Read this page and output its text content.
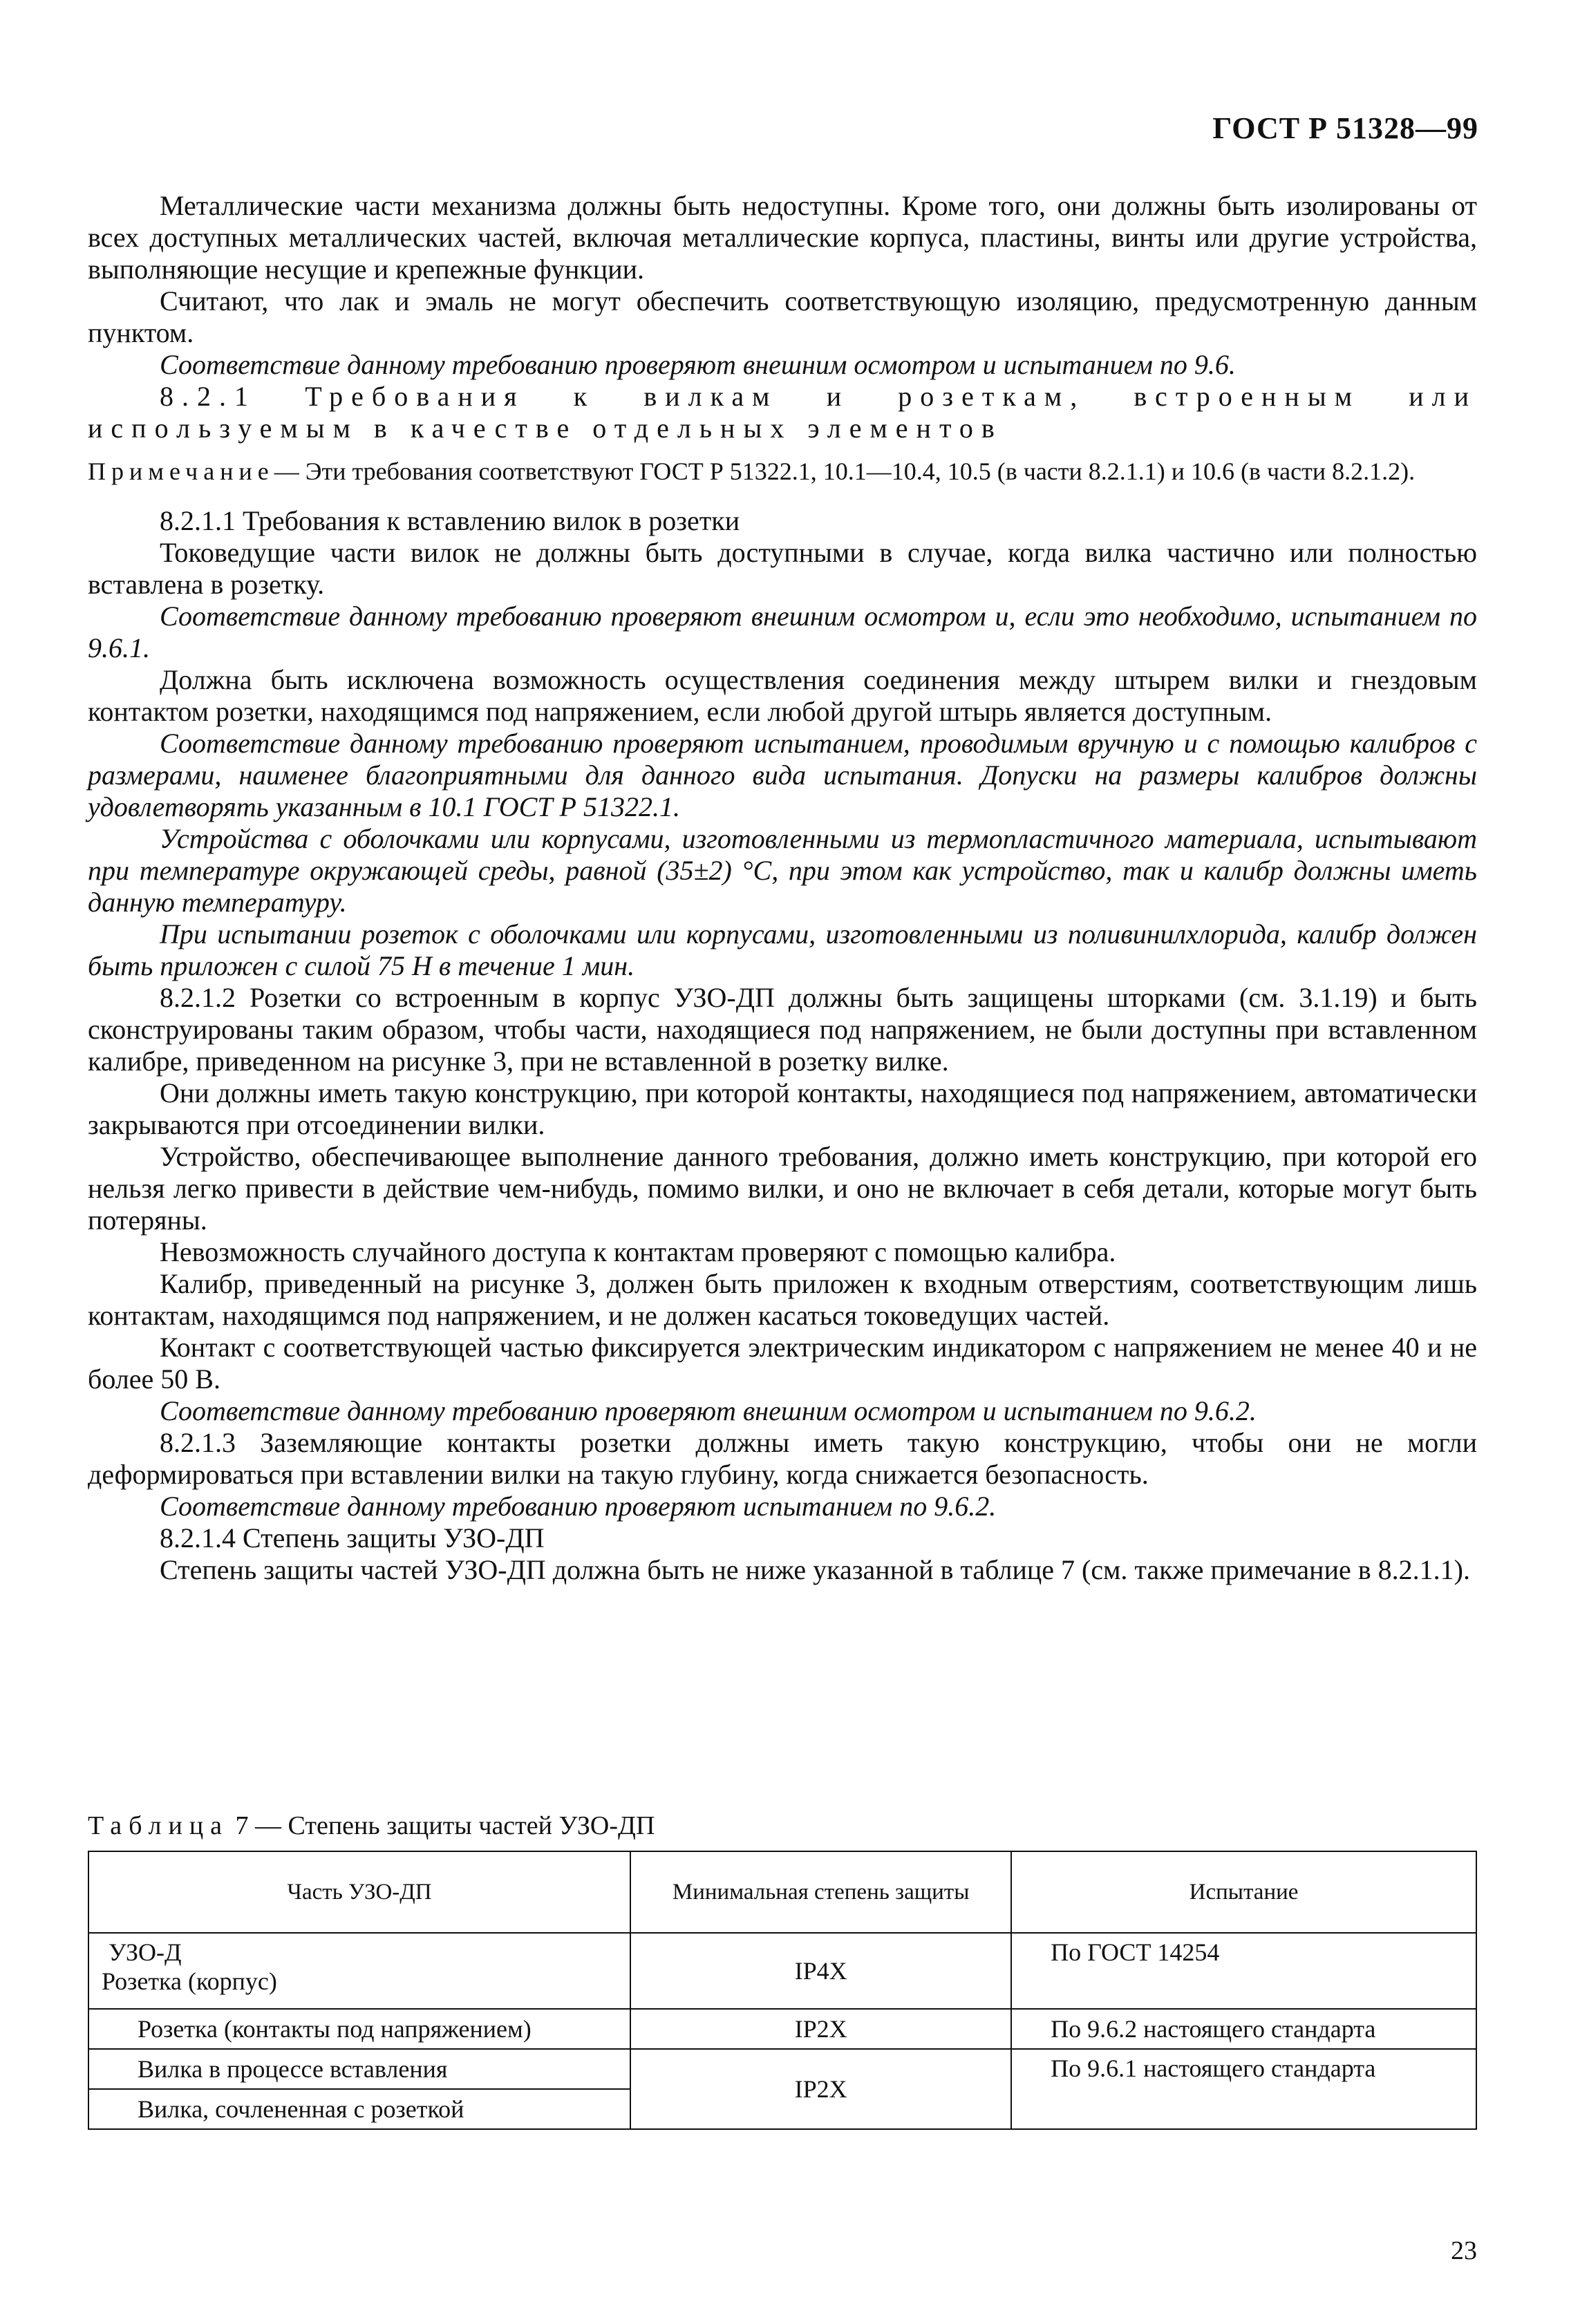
ГОСТ Р 51328—99

Металлические части механизма должны быть недоступны. Кроме того, они должны быть изолированы от всех доступных металлических частей, включая металлические корпуса, пластины, винты или другие устройства, выполняющие несущие и крепежные функции.

Считают, что лак и эмаль не могут обеспечить соответствующую изоляцию, предусмотренную данным пунктом.

Соответствие данному требованию проверяют внешним осмотром и испытанием по 9.6.

8.2.1 Требования к вилкам и розеткам, встроенным или используемым в качестве отдельных элементов

Примечание— Эти требования соответствуют ГОСТ Р 51322.1, 10.1—10.4, 10.5 (в части 8.2.1.1) и 10.6 (в части 8.2.1.2).

8.2.1.1 Требования к вставлению вилок в розетки

Токоведущие части вилок не должны быть доступными в случае, когда вилка частично или полностью вставлена в розетку.

Соответствие данному требованию проверяют внешним осмотром и, если это необходимо, испытанием по 9.6.1.

Должна быть исключена возможность осуществления соединения между штырем вилки и гнездовым контактом розетки, находящимся под напряжением, если любой другой штырь является доступным.

Соответствие данному требованию проверяют испытанием, проводимым вручную и с помощью калибров с размерами, наименее благоприятными для данного вида испытания. Допуски на размеры калибров должны удовлетворять указанным в 10.1 ГОСТ Р 51322.1.

Устройства с оболочками или корпусами, изготовленными из термопластичного материала, испытывают при температуре окружающей среды, равной (35±2) °С, при этом как устройство, так и калибр должны иметь данную температуру.

При испытании розеток с оболочками или корпусами, изготовленными из поливинилхлорида, калибр должен быть приложен с силой 75 Н в течение 1 мин.

8.2.1.2 Розетки со встроенным в корпус УЗО-ДП должны быть защищены шторками (см. 3.1.19) и быть сконструированы таким образом, чтобы части, находящиеся под напряжением, не были доступны при вставленном калибре, приведенном на рисунке 3, при не вставленной в розетку вилке.

Они должны иметь такую конструкцию, при которой контакты, находящиеся под напряжением, автоматически закрываются при отсоединении вилки.

Устройство, обеспечивающее выполнение данного требования, должно иметь конструкцию, при которой его нельзя легко привести в действие чем-нибудь, помимо вилки, и оно не включает в себя детали, которые могут быть потеряны.

Невозможность случайного доступа к контактам проверяют с помощью калибра.

Калибр, приведенный на рисунке 3, должен быть приложен к входным отверстиям, соответствующим лишь контактам, находящимся под напряжением, и не должен касаться токоведущих частей.

Контакт с соответствующей частью фиксируется электрическим индикатором с напряжением не менее 40 и не более 50 В.

Соответствие данному требованию проверяют внешним осмотром и испытанием по 9.6.2.

8.2.1.3 Заземляющие контакты розетки должны иметь такую конструкцию, чтобы они не могли деформироваться при вставлении вилки на такую глубину, когда снижается безопасность.

Соответствие данному требованию проверяют испытанием по 9.6.2.

8.2.1.4 Степень защиты УЗО-ДП

Степень защиты частей УЗО-ДП должна быть не ниже указанной в таблице 7 (см. также примечание в 8.2.1.1).

Таблица 7 — Степень защиты частей УЗО-ДП
Часть УЗО-ДП	Минимальная степень защиты	Испытание

УЗО-Д
Розетка (корпус)	IP4X	По ГОСТ 14254
Розетка (контакты под напряжением)	IP2X	По 9.6.2 настоящего стандарта
Вилка в процессе вставления	IP2X	По 9.6.1 настоящего стандарта
Вилка, сочлененная с розеткой		
23
